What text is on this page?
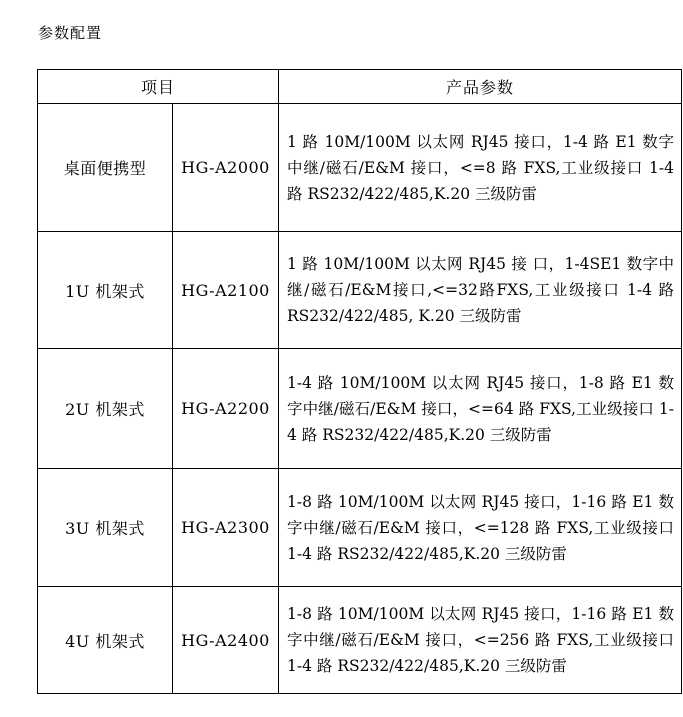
参数配置
项目		产品参数
桌面便携型	HG-A2000	1 路 10M/100M 以太网 RJ45 接口，1-4 路 E1 数字中继/磁石/E&M 接口，<=8 路 FXS,工业级接口 1-4 路 RS232/422/485,K.20 三级防雷
1U 机架式	HG-A2100	1 路 10M/100M 以太网 RJ45 接 口，1-4SE1 数字中继/磁石/E&M接口,<=32路FXS,工业级接口 1-4 路 RS232/422/485, K.20 三级防雷
2U 机架式	HG-A2200	1-4 路 10M/100M 以太网 RJ45 接口，1-8 路 E1 数字中继/磁石/E&M 接口，<=64 路 FXS,工业级接口 1-4 路 RS232/422/485,K.20 三级防雷
3U 机架式	HG-A2300	1-8 路 10M/100M 以太网 RJ45 接口，1-16 路 E1 数字中继/磁石/E&M 接口，<=128 路 FXS,工业级接口 1-4 路 RS232/422/485,K.20 三级防雷
4U 机架式	HG-A2400	1-8 路 10M/100M 以太网 RJ45 接口，1-16 路 E1 数字中继/磁石/E&M 接口，<=256 路 FXS,工业级接口 1-4 路 RS232/422/485,K.20 三级防雷
